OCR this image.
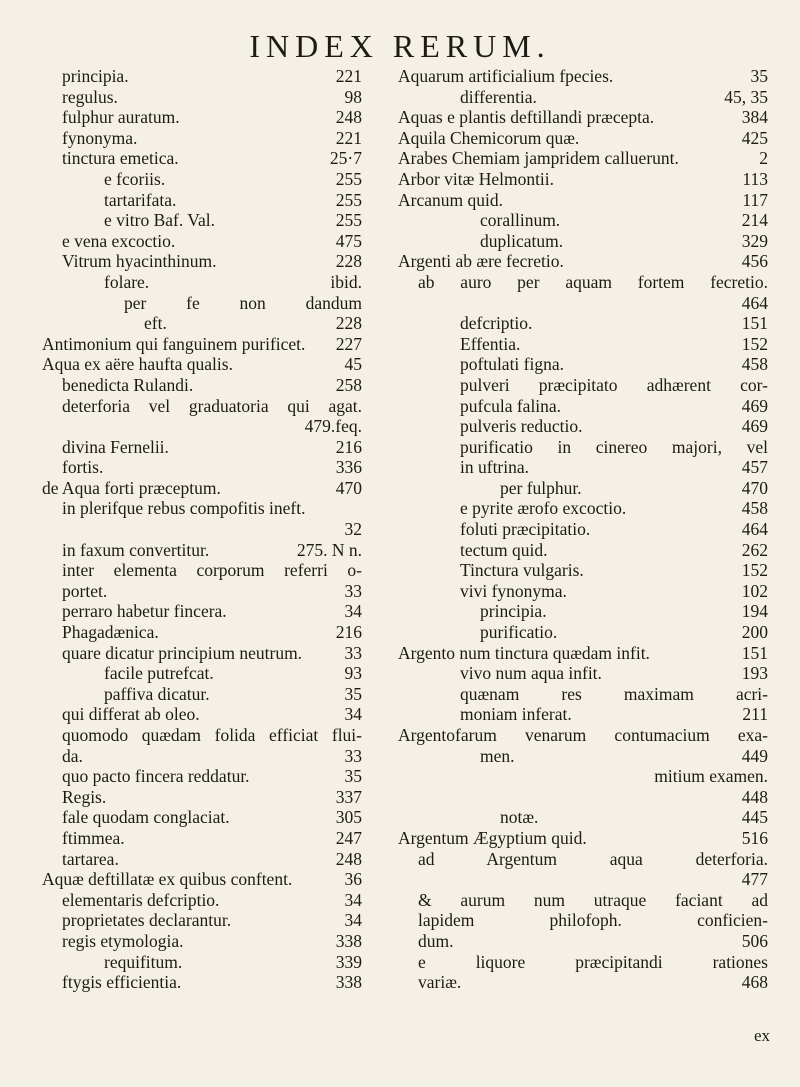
INDEX RERUM.
principia.	221
regulus.	98
fulphur auratum.	248
fynonyma.	221
tinctura emetica.	25·7
e fcoriis.	255
tartarifata.	255
e vitro Baf. Val.	255
e vena excoctio.	475
Vitrum hyacinthinum.	228
folare.	ibid.
per fe non dandum
eft.	228
Antimonium qui fanguinem purificet. 227
Aqua ex aëre haufta qualis.	45
benedicta Rulandi.	258
deterforia vel graduatoria qui agat.
479.feq.
divina Fernelii.	216
fortis.	336
de Aqua forti præceptum.	470
in plerifque rebus compofitis ineft.
32
in faxum convertitur.	275. N n.
inter elementa corporum referri o-
portet.	33
perraro habetur fincera.	34
Phagadænica.	216
quare dicatur principium neutrum. 33
facile putrefcat.	93
paffiva dicatur.	35
qui differat ab oleo.	34
quomodo quædam folida efficiat flui-
da.	33
quo pacto fincera reddatur.	35
Regis.	337
fale quodam conglaciat.	305
ftimmea.	247
tartarea.	248
Aquæ deftillatæ ex quibus conftent.	36
elementaris defcriptio.	34
proprietates declarantur.	34
regis etymologia.	338
requifitum.	339
ftygis efficientia.	338
Aquarum artificialium fpecies.	35
differentia.	45, 35
Aquas e plantis deftillandi præcepta.	384
Aquila Chemicorum quæ.	425
Arabes Chemiam jampridem calluerunt.	2
Arbor vitæ Helmontii.	113
Arcanum quid.	117
corallinum.	214
duplicatum.	329
Argenti ab ære fecretio.	456
ab auro per aquam fortem fecretio.
464
defcriptio.	151
Effentia.	152
poftulati figna.	458
pulveri præcipitato adhærent cor-
pufcula falina.	469
pulveris reductio.	469
purificatio in cinereo majori, vel
in uftrina.	457
per fulphur.	470
e pyrite ærofo excoctio.	458
foluti præcipitatio.	464
tectum quid.	262
Tinctura vulgaris.	152
vivi fynonyma.	102
principia.	194
purificatio.	200
Argento num tinctura quædam infit.	151
vivo num aqua infit.	193
quænam res maximam acri-
moniam inferat.	211
Argentofarum venarum contumacium exa-
men.	449
mitium examen.
448
notæ.	445
Argentum Ægyptium quid.	516
ad Argentum aqua deterforia.
477
& aurum num utraque faciant ad
lapidem philofoph. conficien-
dum.	506
e liquore præcipitandi rationes
variæ.	468
ex
